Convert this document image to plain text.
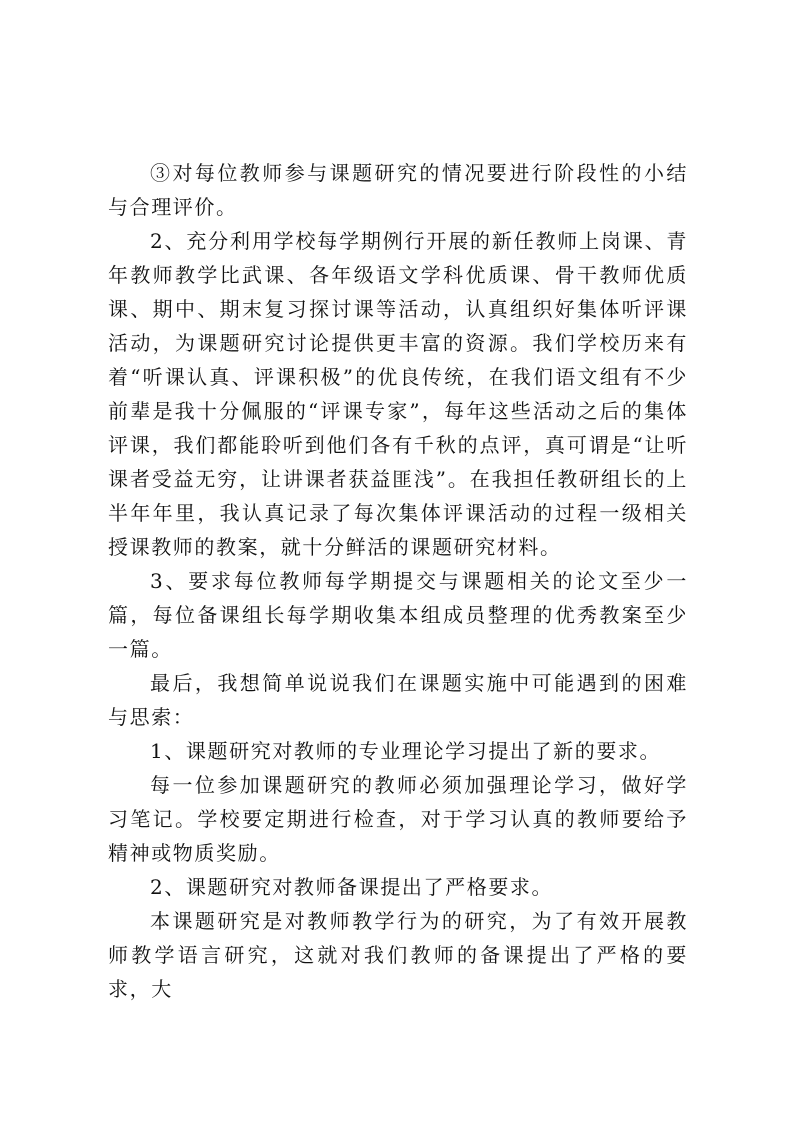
③对每位教师参与课题研究的情况要进行阶段性的小结与合理评价。

2、充分利用学校每学期例行开展的新任教师上岗课、青年教师教学比武课、各年级语文学科优质课、骨干教师优质课、期中、期末复习探讨课等活动，认真组织好集体听评课活动，为课题研究讨论提供更丰富的资源。我们学校历来有着“听课认真、评课积极”的优良传统，在我们语文组有不少前辈是我十分佩服的“评课专家”，每年这些活动之后的集体评课，我们都能聆听到他们各有千秋的点评，真可谓是“让听课者受益无穷，让讲课者获益匪浅”。在我担任教研组长的上半年年里，我认真记录了每次集体评课活动的过程一级相关授课教师的教案，就十分鲜活的课题研究材料。

3、要求每位教师每学期提交与课题相关的论文至少一篇，每位备课组长每学期收集本组成员整理的优秀教案至少一篇。

最后，我想简单说说我们在课题实施中可能遇到的困难与思索：

1、课题研究对教师的专业理论学习提出了新的要求。

每一位参加课题研究的教师必须加强理论学习，做好学习笔记。学校要定期进行检查，对于学习认真的教师要给予精神或物质奖励。

2、课题研究对教师备课提出了严格要求。

本课题研究是对教师教学行为的研究，为了有效开展教师教学语言研究，这就对我们教师的备课提出了严格的要求，大
